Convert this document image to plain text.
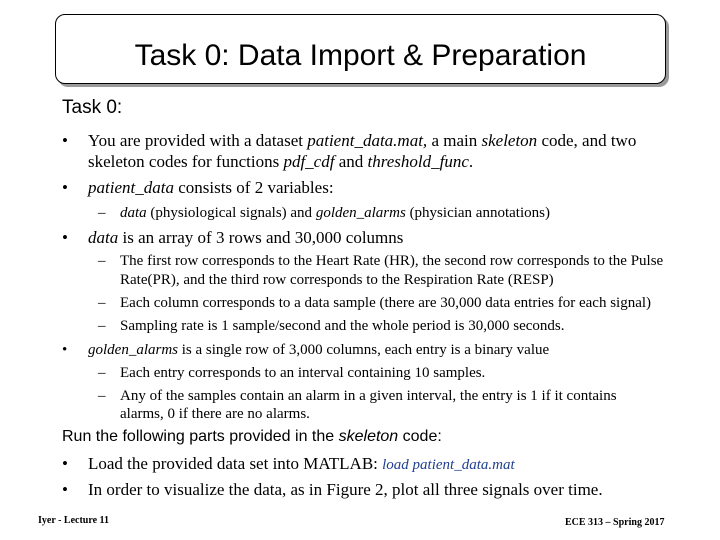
Task 0: Data Import & Preparation
Task 0:
• You are provided with a dataset patient_data.mat, a main skeleton code, and two
skeleton codes for functions pdf_cdf and threshold_func.
• patient_data consists of 2 variables:
– data (physiological signals) and golden_alarms (physician annotations)
• data is an array of 3 rows and 30,000 columns
– The first row corresponds to the Heart Rate (HR), the second row corresponds to the Pulse
Rate(PR), and the third row corresponds to the Respiration Rate (RESP)
– Each column corresponds to a data sample (there are 30,000 data entries for each signal)
– Sampling rate is 1 sample/second and the whole period is 30,000 seconds.
• golden_alarms is a single row of 3,000 columns, each entry is a binary value
– Each entry corresponds to an interval containing 10 samples.
– Any of the samples contain an alarm in a given interval, the entry is 1 if it contains
alarms, 0 if there are no alarms.
Run the following parts provided in the skeleton code:
• Load the provided data set into MATLAB: load patient_data.mat
• In order to visualize the data, as in Figure 2, plot all three signals over time.
Iyer - Lecture 11	ECE 313 – Spring 2017
